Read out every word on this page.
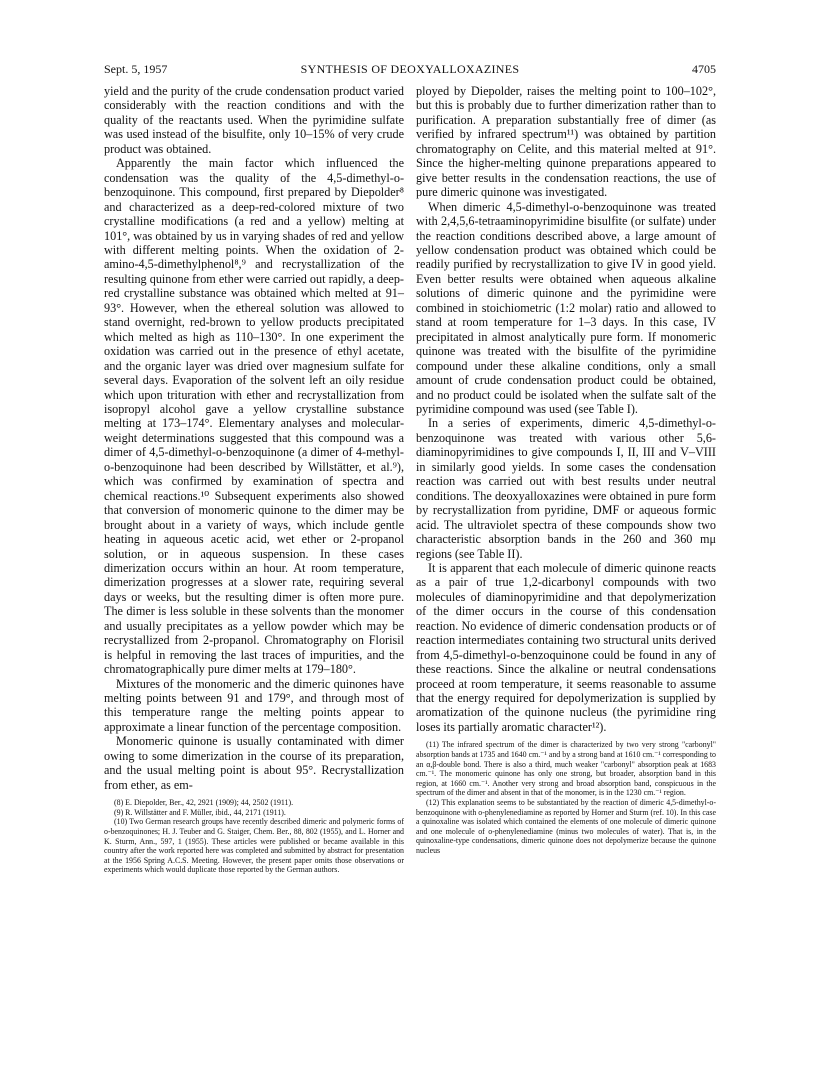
Sept. 5, 1957	SYNTHESIS OF DEOXYALLOXAZINES	4705

yield and the purity of the crude condensation product varied considerably with the reaction conditions and with the quality of the reactants used. When the pyrimidine sulfate was used instead of the bisulfite, only 10–15% of very crude product was obtained.

Apparently the main factor which influenced the condensation was the quality of the 4,5-dimethyl-o-benzoquinone. This compound, first prepared by Diepolder⁸ and characterized as a deep-red-colored mixture of two crystalline modifications (a red and a yellow) melting at 101°, was obtained by us in varying shades of red and yellow with different melting points. When the oxidation of 2-amino-4,5-dimethylphenol⁸,⁹ and recrystallization of the resulting quinone from ether were carried out rapidly, a deep-red crystalline substance was obtained which melted at 91–93°. However, when the ethereal solution was allowed to stand overnight, red-brown to yellow products precipitated which melted as high as 110–130°. In one experiment the oxidation was carried out in the presence of ethyl acetate, and the organic layer was dried over magnesium sulfate for several days. Evaporation of the solvent left an oily residue which upon trituration with ether and recrystallization from isopropyl alcohol gave a yellow crystalline substance melting at 173–174°. Elementary analyses and molecular-weight determinations suggested that this compound was a dimer of 4,5-dimethyl-o-benzoquinone (a dimer of 4-methyl-o-benzoquinone had been described by Willstätter, et al.⁹), which was confirmed by examination of spectra and chemical reactions.¹⁰ Subsequent experiments also showed that conversion of monomeric quinone to the dimer may be brought about in a variety of ways, which include gentle heating in aqueous acetic acid, wet ether or 2-propanol solution, or in aqueous suspension. In these cases dimerization occurs within an hour. At room temperature, dimerization progresses at a slower rate, requiring several days or weeks, but the resulting dimer is often more pure. The dimer is less soluble in these solvents than the monomer and usually precipitates as a yellow powder which may be recrystallized from 2-propanol. Chromatography on Florisil is helpful in removing the last traces of impurities, and the chromatographically pure dimer melts at 179–180°.

Mixtures of the monomeric and the dimeric quinones have melting points between 91 and 179°, and through most of this temperature range the melting points appear to approximate a linear function of the percentage composition.

Monomeric quinone is usually contaminated with dimer owing to some dimerization in the course of its preparation, and the usual melting point is about 95°. Recrystallization from ether, as em-

(8) E. Diepolder, Ber., 42, 2921 (1909); 44, 2502 (1911).

(9) R. Willstätter and F. Müller, ibid., 44, 2171 (1911).

(10) Two German research groups have recently described dimeric and polymeric forms of o-benzoquinones; H. J. Teuber and G. Staiger, Chem. Ber., 88, 802 (1955), and L. Horner and K. Sturm, Ann., 597, 1 (1955). These articles were published or became available in this country after the work reported here was completed and submitted by abstract for presentation at the 1956 Spring A.C.S. Meeting. However, the present paper omits those observations or experiments which would duplicate those reported by the German authors.

ployed by Diepolder, raises the melting point to 100–102°, but this is probably due to further dimerization rather than to purification. A preparation substantially free of dimer (as verified by infrared spectrum¹¹) was obtained by partition chromatography on Celite, and this material melted at 91°. Since the higher-melting quinone preparations appeared to give better results in the condensation reactions, the use of pure dimeric quinone was investigated.

When dimeric 4,5-dimethyl-o-benzoquinone was treated with 2,4,5,6-tetraaminopyrimidine bisulfite (or sulfate) under the reaction conditions described above, a large amount of yellow condensation product was obtained which could be readily purified by recrystallization to give IV in good yield. Even better results were obtained when aqueous alkaline solutions of dimeric quinone and the pyrimidine were combined in stoichiometric (1:2 molar) ratio and allowed to stand at room temperature for 1–3 days. In this case, IV precipitated in almost analytically pure form. If monomeric quinone was treated with the bisulfite of the pyrimidine compound under these alkaline conditions, only a small amount of crude condensation product could be obtained, and no product could be isolated when the sulfate salt of the pyrimidine compound was used (see Table I).

In a series of experiments, dimeric 4,5-dimethyl-o-benzoquinone was treated with various other 5,6-diaminopyrimidines to give compounds I, II, III and V–VIII in similarly good yields. In some cases the condensation reaction was carried out with best results under neutral conditions. The deoxyalloxazines were obtained in pure form by recrystallization from pyridine, DMF or aqueous formic acid. The ultraviolet spectra of these compounds show two characteristic absorption bands in the 260 and 360 mμ regions (see Table II).

It is apparent that each molecule of dimeric quinone reacts as a pair of true 1,2-dicarbonyl compounds with two molecules of diaminopyrimidine and that depolymerization of the dimer occurs in the course of this condensation reaction. No evidence of dimeric condensation products or of reaction intermediates containing two structural units derived from 4,5-dimethyl-o-benzoquinone could be found in any of these reactions. Since the alkaline or neutral condensations proceed at room temperature, it seems reasonable to assume that the energy required for depolymerization is supplied by aromatization of the quinone nucleus (the pyrimidine ring loses its partially aromatic character¹²).

(11) The infrared spectrum of the dimer is characterized by two very strong "carbonyl" absorption bands at 1735 and 1640 cm.⁻¹ and by a strong band at 1610 cm.⁻¹ corresponding to an α,β-double bond. There is also a third, much weaker "carbonyl" absorption peak at 1683 cm.⁻¹. The monomeric quinone has only one strong, but broader, absorption band in this region, at 1660 cm.⁻¹. Another very strong and broad absorption band, conspicuous in the spectrum of the dimer and absent in that of the monomer, is in the 1230 cm.⁻¹ region.

(12) This explanation seems to be substantiated by the reaction of dimeric 4,5-dimethyl-o-benzoquinone with o-phenylenediamine as reported by Horner and Sturm (ref. 10). In this case a quinoxaline was isolated which contained the elements of one molecule of dimeric quinone and one molecule of o-phenylenediamine (minus two molecules of water). That is, in the quinoxaline-type condensations, dimeric quinone does not depolymerize because the quinone nucleus
